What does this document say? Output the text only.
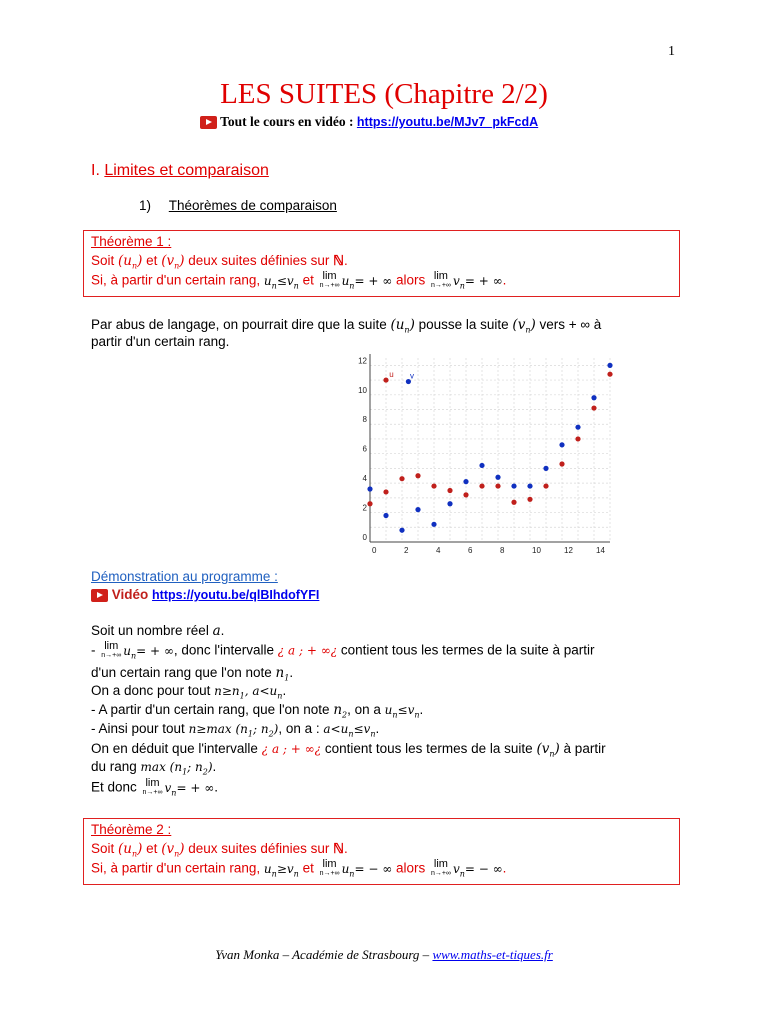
1
LES SUITES (Chapitre 2/2)
Tout le cours en vidéo : https://youtu.be/MJv7_pkFcdA
I. Limites et comparaison
1) Théorèmes de comparaison
Théorème 1 :
Soit $(u_n)$ et $(v_n)$ deux suites définies sur ℕ.
Si, à partir d'un certain rang, $u_n\le v_n$ et lim
n→+∞ $u_n=$ + ∞ alors lim
n→+∞ $v_n=$ + ∞.
Par abus de langage, on pourrait dire que la suite $(u_n)$ pousse la suite $(v_n)$ vers + ∞ à
partir d'un certain rang.
0	2	4	6	8	10	12	14
0
2
4
6
8
10
12
u v
Démonstration au programme :
Vidéo https://youtu.be/qlBIhdofYFI
Soit un nombre réel a.
- lim
n→+∞ $u_n=$ + ∞, donc l'intervalle ¿ a ; + ∞¿ contient tous les termes de la suite à partir
d'un certain rang que l'on note $n_1$.
On a donc pour tout $n\ge n_1$, $a<u_n$.
- A partir d'un certain rang, que l'on note $n_2$, on a $u_n\le v_n$.
- Ainsi pour tout n≥max ($n_1$; $n_2$), on a : $a<u_n\le v_n$.
On en déduit que l'intervalle ¿ a ; + ∞¿ contient tous les termes de la suite $(v_n)$ à partir
du rang $\max (n_1$; $n_2$).
Et donc lim
n→+∞ $v_n=$ + ∞.
Théorème 2 :
Soit $(u_n)$ et $(v_n)$ deux suites définies sur ℕ.
Si, à partir d'un certain rang, $u_n\ge v_n$ et lim
n→+∞ $u_n=$ − ∞ alors lim
n→+∞ $v_n=$ − ∞.
Yvan Monka – Académie de Strasbourg – www.maths-et-tiques.fr
